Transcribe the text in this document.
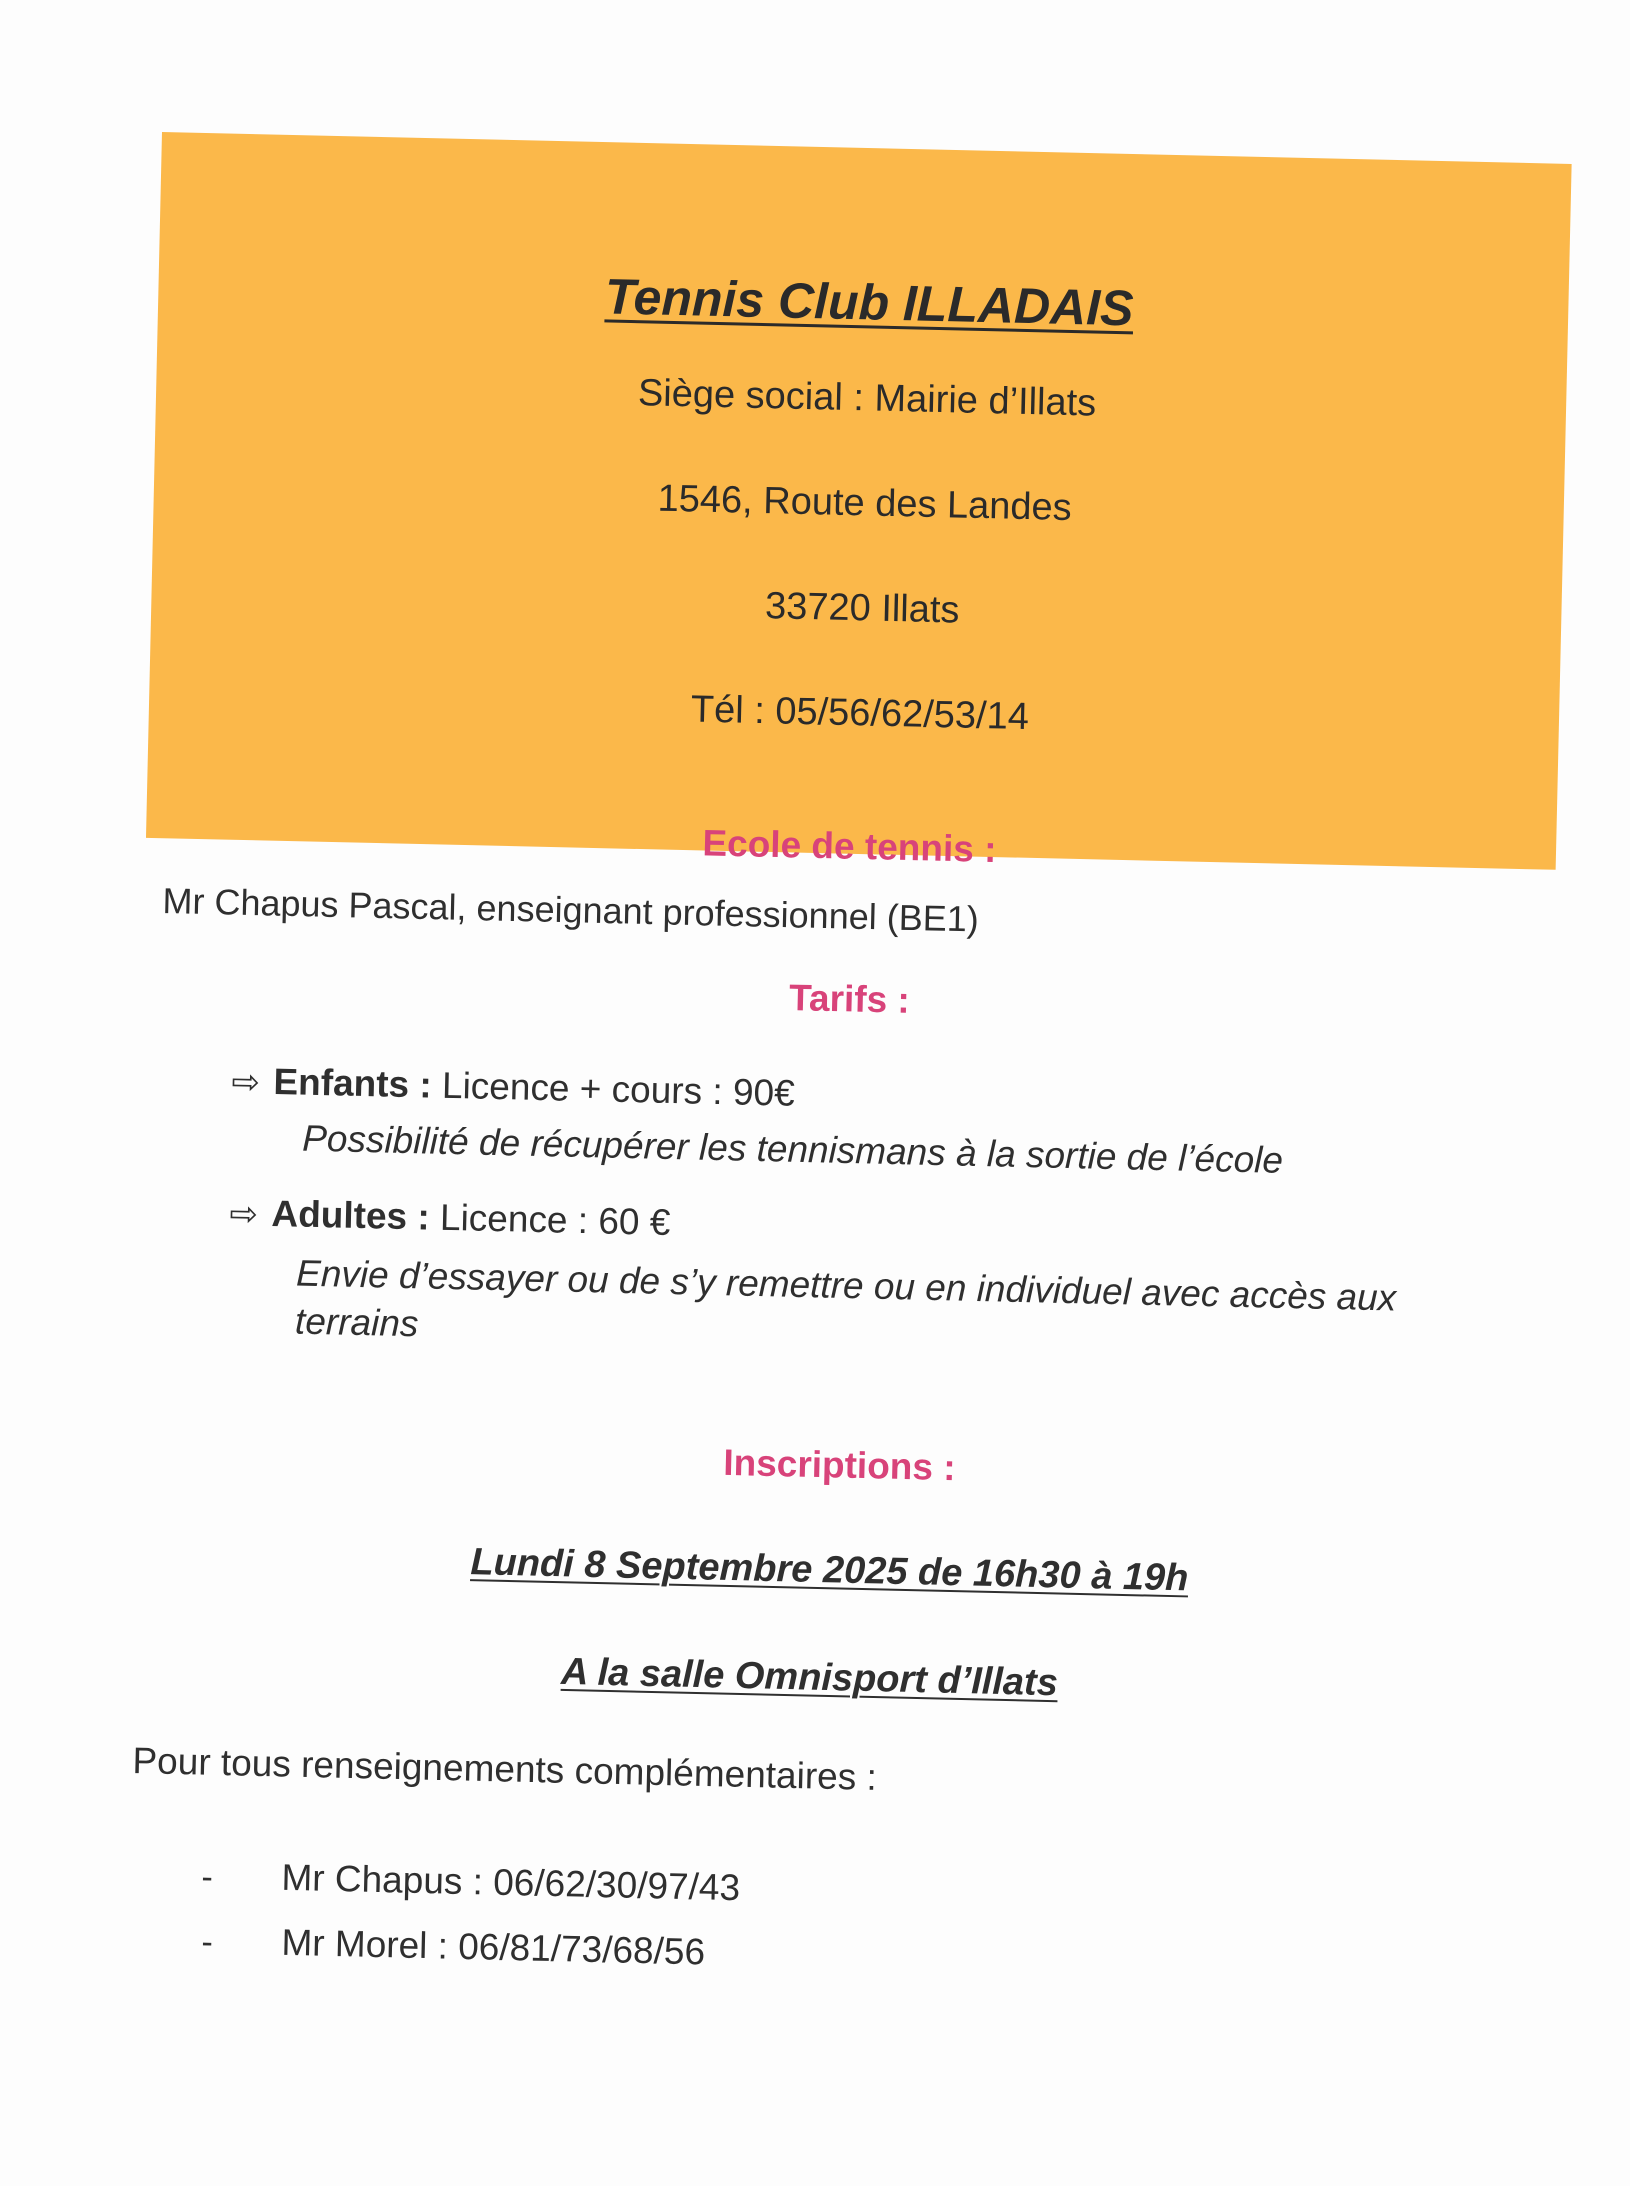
Tennis Club ILLADAIS
Siège social : Mairie d’Illats
1546, Route des Landes
33720 Illats
Tél : 05/56/62/53/14
Ecole de tennis :
Mr Chapus Pascal, enseignant professionnel (BE1)
Tarifs :
⇨ Enfants : Licence + cours : 90€
Possibilité de récupérer les tennismans à la sortie de l’école
⇨ Adultes : Licence : 60 €
Envie d’essayer ou de s’y remettre ou en individuel avec accès aux terrains
Inscriptions :
Lundi 8 Septembre 2025 de 16h30 à 19h
A la salle Omnisport d’Illats
Pour tous renseignements complémentaires :
- Mr Chapus : 06/62/30/97/43
- Mr Morel : 06/81/73/68/56
